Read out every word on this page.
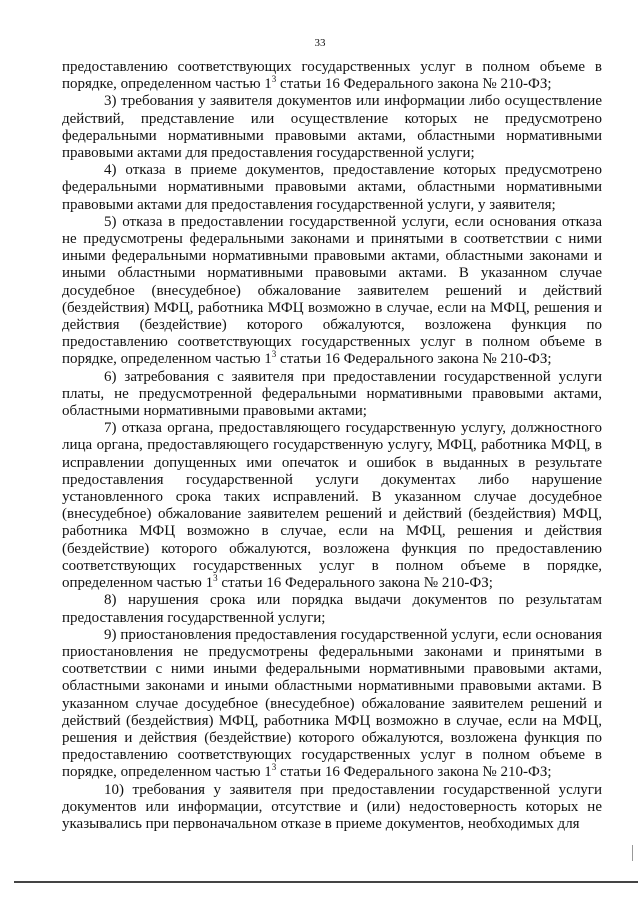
33

предоставлению соответствующих государственных услуг в полном объеме в порядке, определенном частью $1^3$ статьи 16 Федерального закона № 210-ФЗ;

3) требования у заявителя документов или информации либо осуществление действий, представление или осуществление которых не предусмотрено федеральными нормативными правовыми актами, областными нормативными правовыми актами для предоставления государственной услуги;

4) отказа в приеме документов, предоставление которых предусмотрено федеральными нормативными правовыми актами, областными нормативными правовыми актами для предоставления государственной услуги, у заявителя;

5) отказа в предоставлении государственной услуги, если основания отказа не предусмотрены федеральными законами и принятыми в соответствии с ними иными федеральными нормативными правовыми актами, областными законами и иными областными нормативными правовыми актами. В указанном случае досудебное (внесудебное) обжалование заявителем решений и действий (бездействия) МФЦ, работника МФЦ возможно в случае, если на МФЦ, решения и действия (бездействие) которого обжалуются, возложена функция по предоставлению соответствующих государственных услуг в полном объеме в порядке, определенном частью $1^3$ статьи 16 Федерального закона № 210-ФЗ;

6) затребования с заявителя при предоставлении государственной услуги платы, не предусмотренной федеральными нормативными правовыми актами, областными нормативными правовыми актами;

7) отказа органа, предоставляющего государственную услугу, должностного лица органа, предоставляющего государственную услугу, МФЦ, работника МФЦ, в исправлении допущенных ими опечаток и ошибок в выданных в результате предоставления государственной услуги документах либо нарушение установленного срока таких исправлений. В указанном случае досудебное (внесудебное) обжалование заявителем решений и действий (бездействия) МФЦ, работника МФЦ возможно в случае, если на МФЦ, решения и действия (бездействие) которого обжалуются, возложена функция по предоставлению соответствующих государственных услуг в полном объеме в порядке, определенном частью $1^3$ статьи 16 Федерального закона № 210-ФЗ;

8) нарушения срока или порядка выдачи документов по результатам предоставления государственной услуги;

9) приостановления предоставления государственной услуги, если основания приостановления не предусмотрены федеральными законами и принятыми в соответствии с ними иными федеральными нормативными правовыми актами, областными законами и иными областными нормативными правовыми актами. В указанном случае досудебное (внесудебное) обжалование заявителем решений и действий (бездействия) МФЦ, работника МФЦ возможно в случае, если на МФЦ, решения и действия (бездействие) которого обжалуются, возложена функция по предоставлению соответствующих государственных услуг в полном объеме в порядке, определенном частью $1^3$ статьи 16 Федерального закона № 210-ФЗ;

10) требования у заявителя при предоставлении государственной услуги документов или информации, отсутствие и (или) недостоверность которых не указывались при первоначальном отказе в приеме документов, необходимых для
